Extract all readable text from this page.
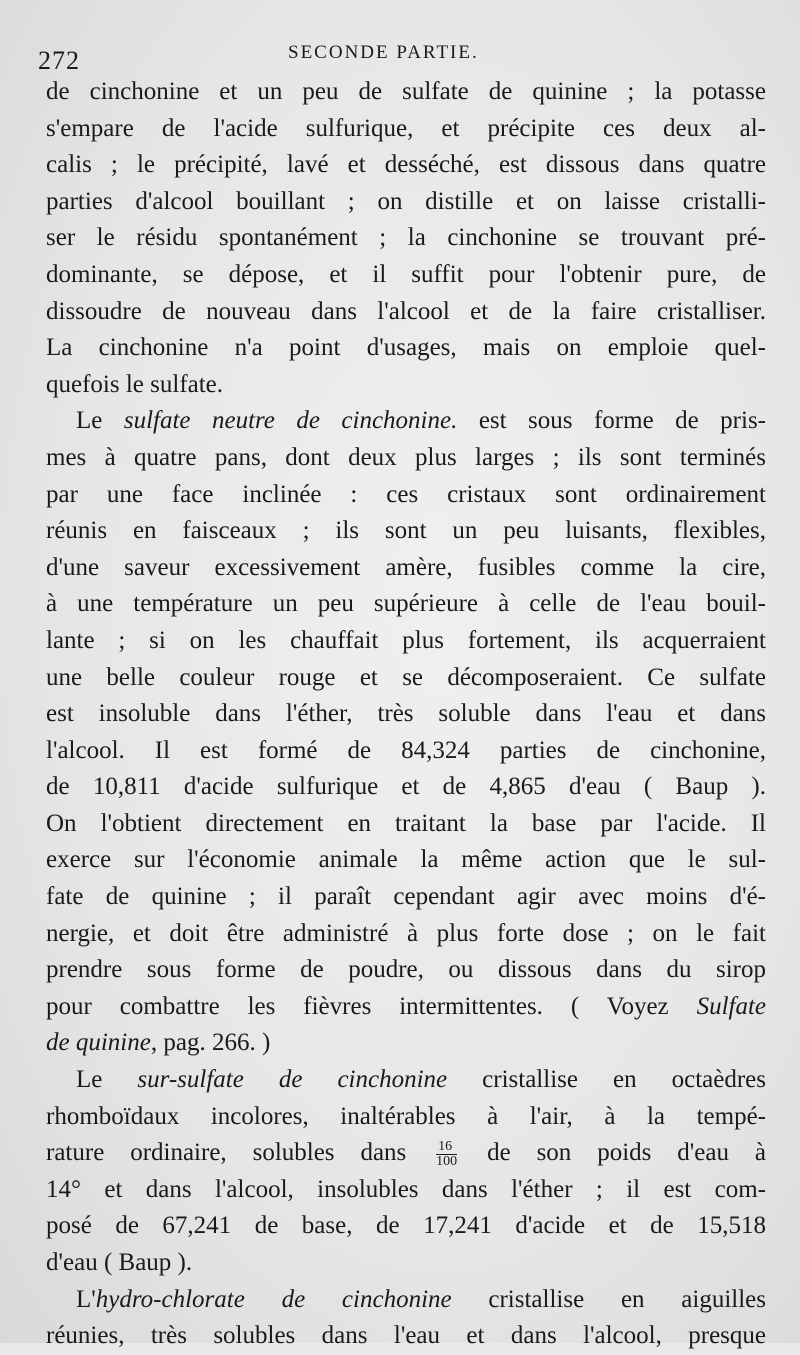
272	SECONDE PARTIE.
de cinchonine et un peu de sulfate de quinine ; la potasse
s'empare de l'acide sulfurique, et précipite ces deux al-
calis ; le précipité, lavé et desséché, est dissous dans quatre
parties d'alcool bouillant ; on distille et on laisse cristalli-
ser le résidu spontanément ; la cinchonine se trouvant pré-
dominante, se dépose, et il suffit pour l'obtenir pure, de
dissoudre de nouveau dans l'alcool et de la faire cristalliser.
La cinchonine n'a point d'usages, mais on emploie quel-
quefois le sulfate.
Le sulfate neutre de cinchonine. est sous forme de pris-
mes à quatre pans, dont deux plus larges ; ils sont terminés
par une face inclinée : ces cristaux sont ordinairement
réunis en faisceaux ; ils sont un peu luisants, flexibles,
d'une saveur excessivement amère, fusibles comme la cire,
à une température un peu supérieure à celle de l'eau bouil-
lante ; si on les chauffait plus fortement, ils acquerraient
une belle couleur rouge et se décomposeraient. Ce sulfate
est insoluble dans l'éther, très soluble dans l'eau et dans
l'alcool. Il est formé de 84,324 parties de cinchonine,
de 10,811 d'acide sulfurique et de 4,865 d'eau ( Baup ).
On l'obtient directement en traitant la base par l'acide. Il
exerce sur l'économie animale la même action que le sul-
fate de quinine ; il paraît cependant agir avec moins d'é-
nergie, et doit être administré à plus forte dose ; on le fait
prendre sous forme de poudre, ou dissous dans du sirop
pour combattre les fièvres intermittentes. ( Voyez Sulfate
de quinine, pag. 266. )
Le sur-sulfate de cinchonine cristallise en octaèdres
rhomboïdaux incolores, inaltérables à l'air, à la tempé-
rature ordinaire, solubles dans $\frac{16}{100}$ de son poids d'eau à
14° et dans l'alcool, insolubles dans l'éther ; il est com-
posé de 67,241 de base, de 17,241 d'acide et de 15,518
d'eau ( Baup ).
L'hydro-chlorate de cinchonine cristallise en aiguilles
réunies, très solubles dans l'eau et dans l'alcool, presque
